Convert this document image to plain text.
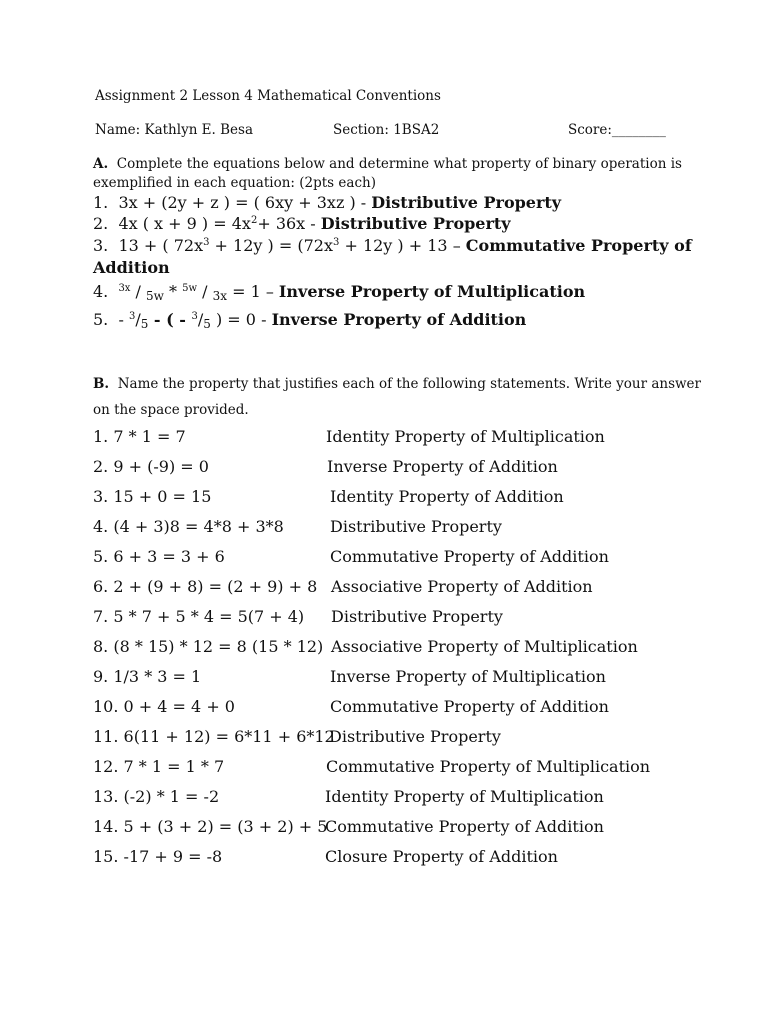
Assignment 2 Lesson 4 Mathematical Conventions
Name: Kathlyn E. Besa	Section: 1BSA2	Score:________
A. Complete the equations below and determine what property of binary operation is
exemplified in each equation: (2pts each)
1. 3x + (2y + z ) = ( 6xy + 3xz ) - Distributive Property
2. 4x ( x + 9 ) = $4x^2+ 36x$ - Distributive Property
3. 13 + ( $72x^3 + 12y$ ) = ($72x^3 + 12y$ ) + 13 – Commutative Property of
Addition
4. $^{3x}$ / $_{5w}$ * $^{5w}$ / $_{3x}$ = 1 – Inverse Property of Multiplication
5. - $^3/_5$ - ( - $^3/_5$ ) = 0 - Inverse Property of Addition
B. Name the property that justifies each of the following statements. Write your answer
on the space provided.
1. 7 * 1 = 7	Identity Property of Multiplication
2. 9 + (-9) = 0	Inverse Property of Addition
3. 15 + 0 = 15	Identity Property of Addition
4. (4 + 3)8 = 4*8 + 3*8	Distributive Property
5. 6 + 3 = 3 + 6	Commutative Property of Addition
6. 2 + (9 + 8) = (2 + 9) + 8 Associative Property of Addition
7. 5 * 7 + 5 * 4 = 5(7 + 4) Distributive Property
8. (8 * 15) * 12 = 8 (15 * 12) Associative Property of Multiplication
9. 1/3 * 3 = 1	Inverse Property of Multiplication
10. 0 + 4 = 4 + 0	Commutative Property of Addition
11. 6(11 + 12) = 6*11 + 6*12
Distributive Property
12. 7 * 1 = 1 * 7	Commutative Property of Multiplication
13. (-2) * 1 = -2	Identity Property of Multiplication
14. 5 + (3 + 2) = (3 + 2) + 5
Commutative Property of Addition
15. -17 + 9 = -8	Closure Property of Addition
